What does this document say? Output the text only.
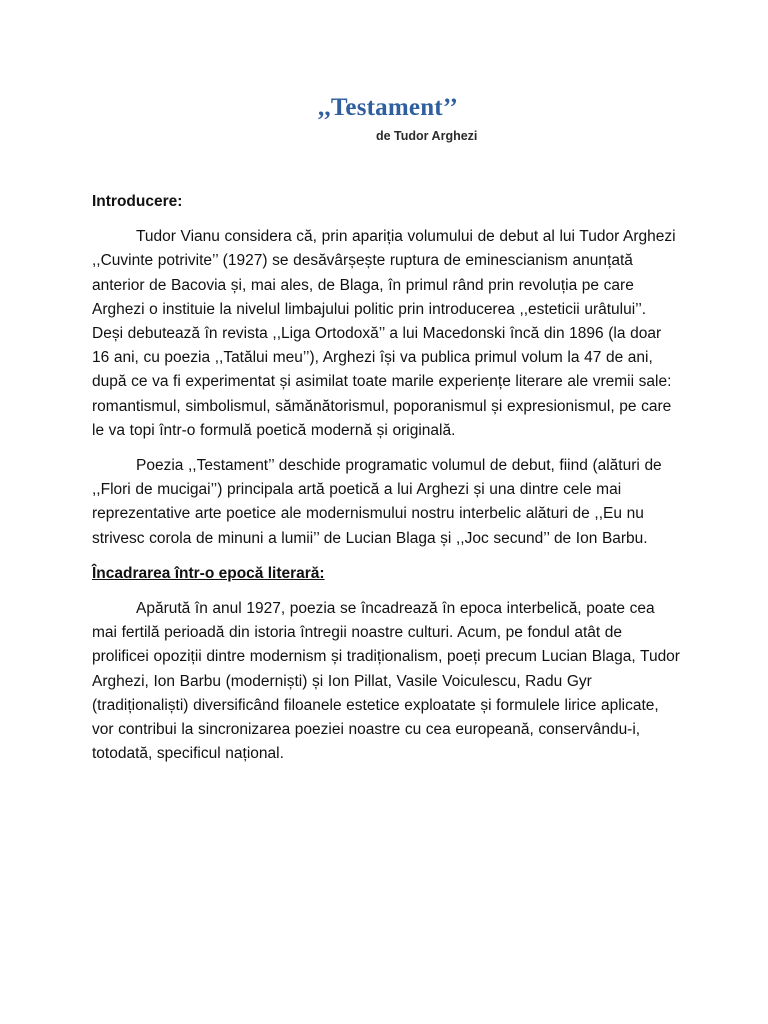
,,Testament’’
de Tudor Arghezi
Introducere:

Tudor Vianu considera că, prin apariția volumului de debut al lui Tudor Arghezi ,,Cuvinte potrivite’’ (1927) se desăvârșește ruptura de eminescianism anunțată anterior de Bacovia și, mai ales, de Blaga, în primul rând prin revoluția pe care Arghezi o instituie la nivelul limbajului politic prin introducerea ,,esteticii urâtului’’. Deși debutează în revista ,,Liga Ortodoxă’’ a lui Macedonski încă din 1896 (la doar 16 ani, cu poezia ,,Tatălui meu’’), Arghezi își va publica primul volum la 47 de ani, după ce va fi experimentat și asimilat toate marile experiențe literare ale vremii sale: romantismul, simbolismul, sămănătorismul, poporanismul și expresionismul, pe care le va topi într-o formulă poetică modernă și originală.

Poezia ,,Testament’’ deschide programatic volumul de debut, fiind (alături de ,,Flori de mucigai’’) principala artă poetică a lui Arghezi și una dintre cele mai reprezentative arte poetice ale modernismului nostru interbelic alături de ,,Eu nu strivesc corola de minuni a lumii’’ de Lucian Blaga și ,,Joc secund’’ de Ion Barbu.

Încadrarea într-o epocă literară:

Apărută în anul 1927, poezia se încadrează în epoca interbelică, poate cea mai fertilă perioadă din istoria întregii noastre culturi. Acum, pe fondul atât de prolificei opoziții dintre modernism și tradiționalism, poeți precum Lucian Blaga, Tudor Arghezi, Ion Barbu (moderniști) și Ion Pillat, Vasile Voiculescu, Radu Gyr (tradiționaliști) diversificând filoanele estetice exploatate și formulele lirice aplicate, vor contribui la sincronizarea poeziei noastre cu cea europeană, conservându-i, totodată, specificul național.
